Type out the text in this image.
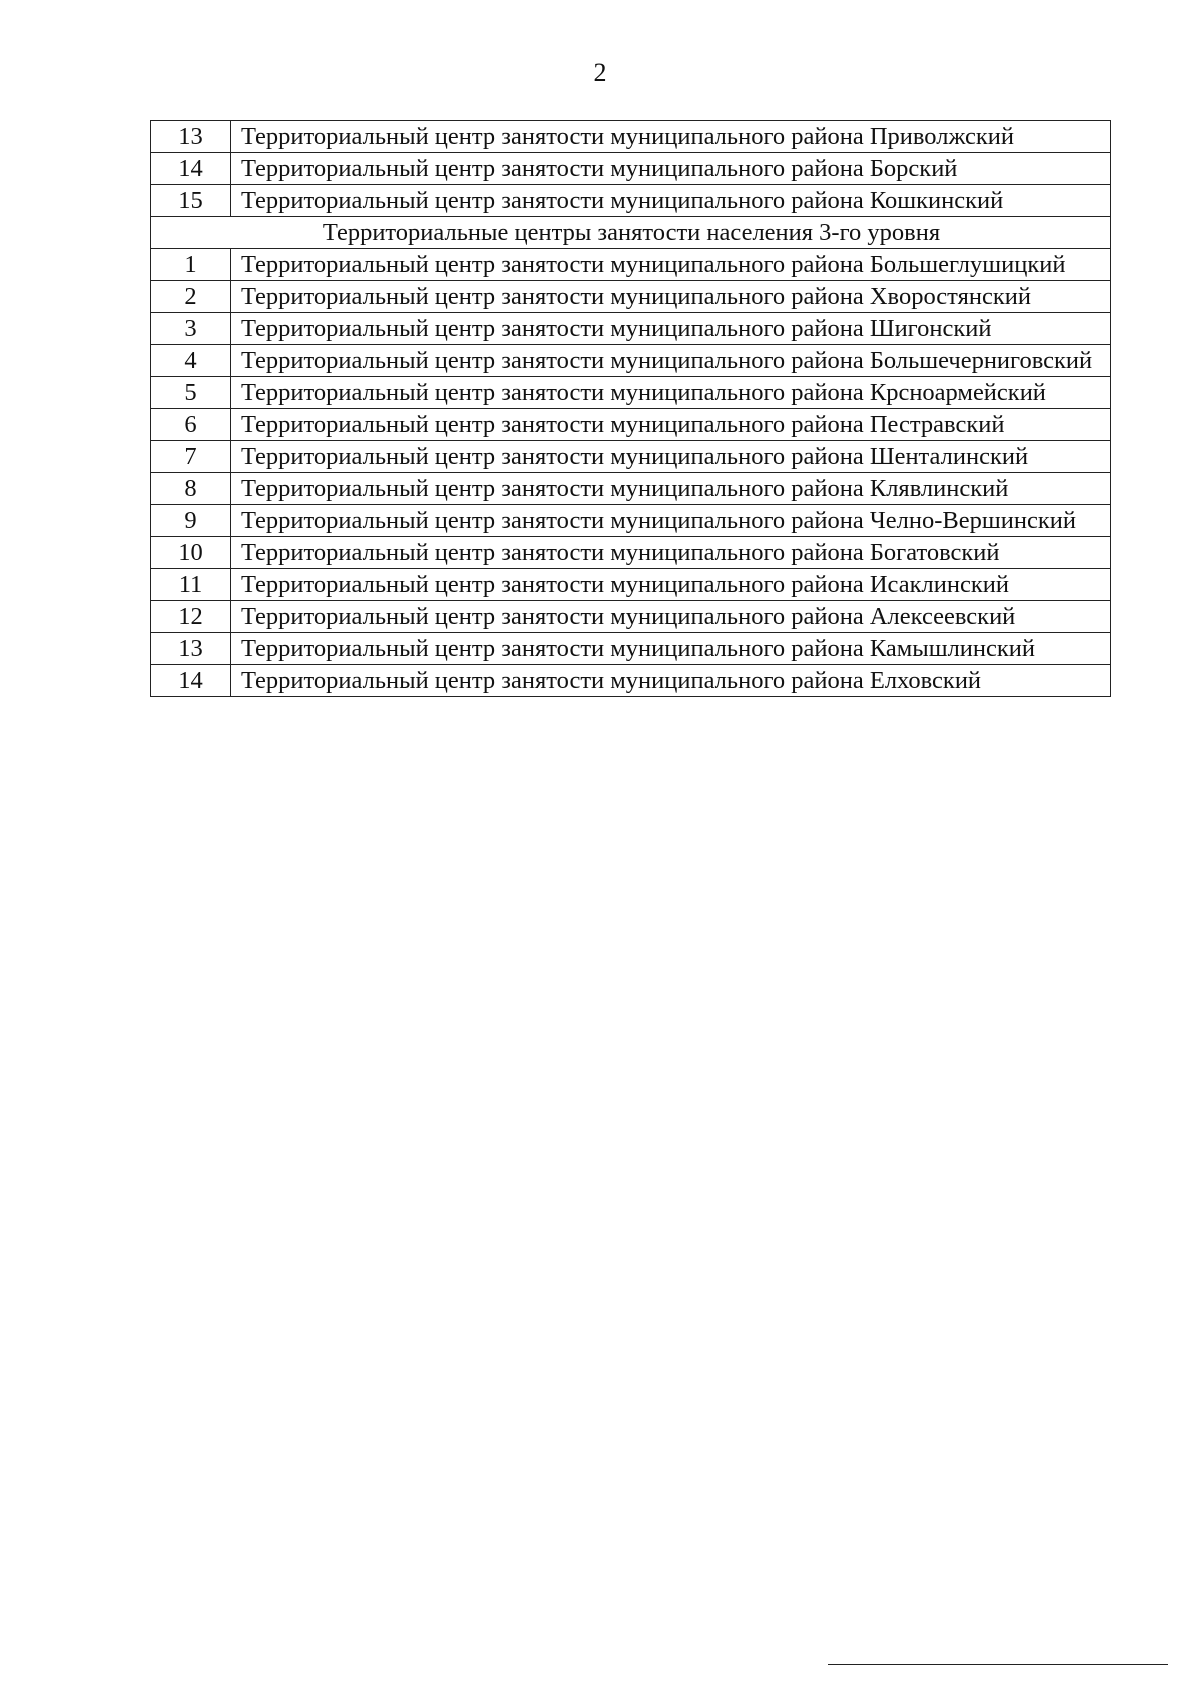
2
13	Территориальный центр занятости муниципального района Приволжский
14	Территориальный центр занятости муниципального района Борский
15	Территориальный центр занятости муниципального района Кошкинский
Территориальные центры занятости населения 3-го уровня	
1	Территориальный центр занятости муниципального района Большеглушицкий
2	Территориальный центр занятости муниципального района Хворостянский
3	Территориальный центр занятости муниципального района Шигонский
4	Территориальный центр занятости муниципального района Большечерниговский
5	Территориальный центр занятости муниципального района Крсноармейский
6	Территориальный центр занятости муниципального района Пестравский
7	Территориальный центр занятости муниципального района Шенталинский
8	Территориальный центр занятости муниципального района Клявлинский
9	Территориальный центр занятости муниципального района Челно-Вершинский
10	Территориальный центр занятости муниципального района Богатовский
11	Территориальный центр занятости муниципального района Исаклинский
12	Территориальный центр занятости муниципального района Алексеевский
13	Территориальный центр занятости муниципального района Камышлинский
14	Территориальный центр занятости муниципального района Елховский
